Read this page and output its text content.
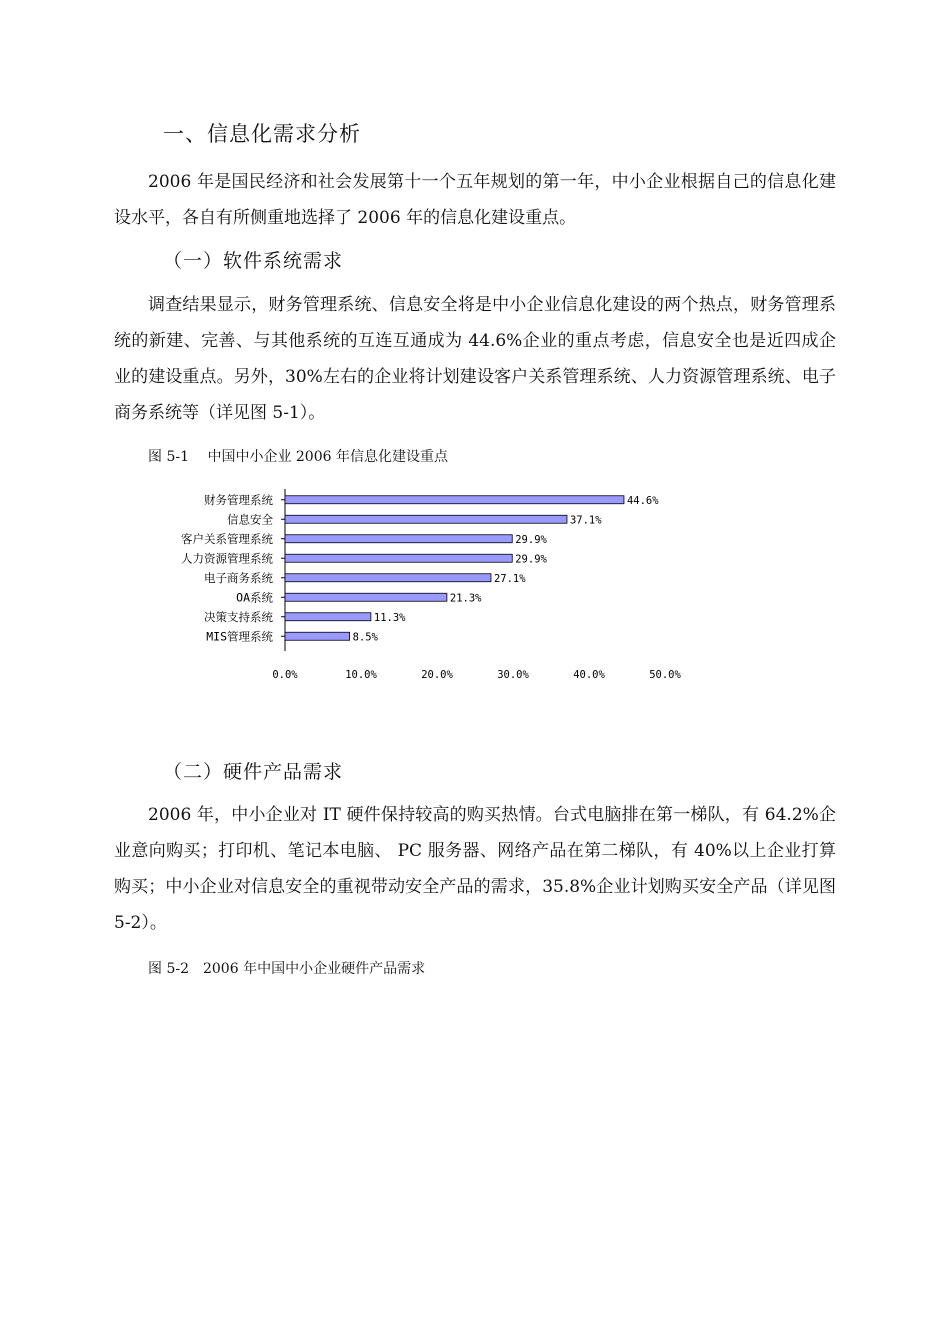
一、信息化需求分析

2006 年是国民经济和社会发展第十一个五年规划的第一年，中小企业根据自己的信息化建设水平，各自有所侧重地选择了 2006 年的信息化建设重点。

（一）软件系统需求

调查结果显示，财务管理系统、信息安全将是中小企业信息化建设的两个热点，财务管理系统的新建、完善、与其他系统的互连互通成为 44.6%企业的重点考虑，信息安全也是近四成企业的建设重点。另外，30%左右的企业将计划建设客户关系管理系统、人力资源管理系统、电子商务系统等（详见图 5-1）。

图 5-1　 中国中小企业 2006 年信息化建设重点
财务管理系统	44.6%
信息安全	37.1%
客户关系管理系统	29.9%
人力资源管理系统	29.9%
电子商务系统	27.1%
OA系统	21.3%
决策支持系统	11.3%
MIS管理系统	8.5%
0.0%	10.0%	20.0%	30.0%	40.0%	50.0%
（二）硬件产品需求

2006 年，中小企业对 IT 硬件保持较高的购买热情。台式电脑排在第一梯队，有 64.2%企业意向购买；打印机、笔记本电脑、 PC 服务器、网络产品在第二梯队，有 40%以上企业打算购买；中小企业对信息安全的重视带动安全产品的需求，35.8%企业计划购买安全产品（详见图 5-2）。

图 5-2　2006 年中国中小企业硬件产品需求
